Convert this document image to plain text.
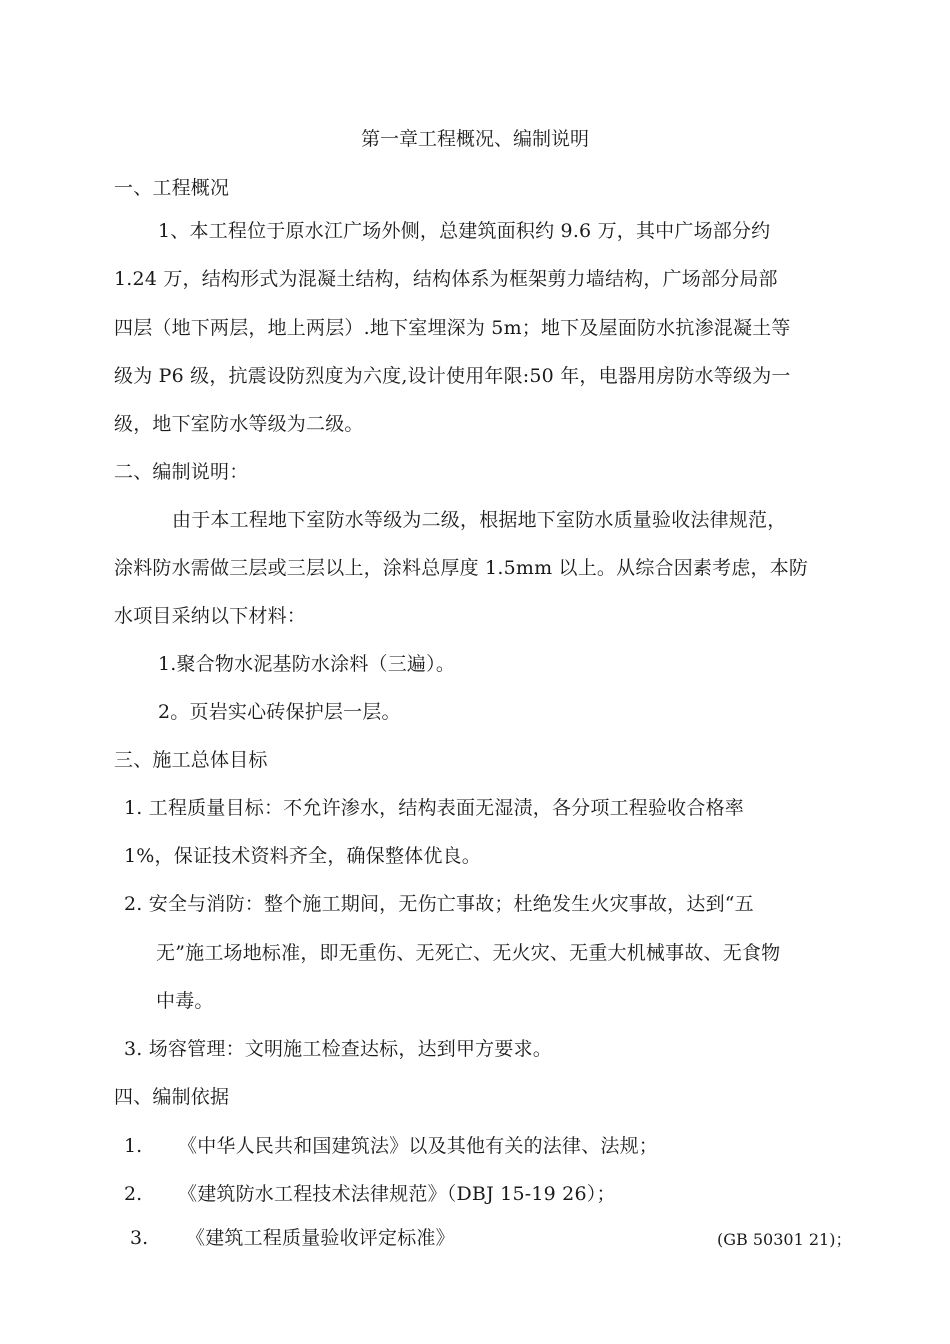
第一章工程概况、编制说明
一、工程概况
1、本工程位于原水江广场外侧，总建筑面积约 9.6 万，其中广场部分约
1.24 万，结构形式为混凝土结构，结构体系为框架剪力墙结构，广场部分局部
四层（地下两层，地上两层）.地下室埋深为 5m；地下及屋面防水抗渗混凝土等
级为 P6 级，抗震设防烈度为六度,设计使用年限:50 年，电器用房防水等级为一
级，地下室防水等级为二级。
二、编制说明：
由于本工程地下室防水等级为二级，根据地下室防水质量验收法律规范，
涂料防水需做三层或三层以上，涂料总厚度 1.5mm 以上。从综合因素考虑，本防
水项目采纳以下材料：
1.聚合物水泥基防水涂料（三遍）。
2。页岩实心砖保护层一层。
三、施工总体目标
1. 工程质量目标：不允许渗水，结构表面无湿渍，各分项工程验收合格率
1%，保证技术资料齐全，确保整体优良。
2. 安全与消防：整个施工期间，无伤亡事故；杜绝发生火灾事故，达到“五
无”施工场地标准，即无重伤、无死亡、无火灾、无重大机械事故、无食物
中毒。
3. 场容管理：文明施工检查达标，达到甲方要求。
四、编制依据
1. 《中华人民共和国建筑法》以及其他有关的法律、法规；
2. 《建筑防水工程技术法律规范》（DBJ 15-19 26）；
3. 《建筑工程质量验收评定标准》	(GB 50301 21)；
